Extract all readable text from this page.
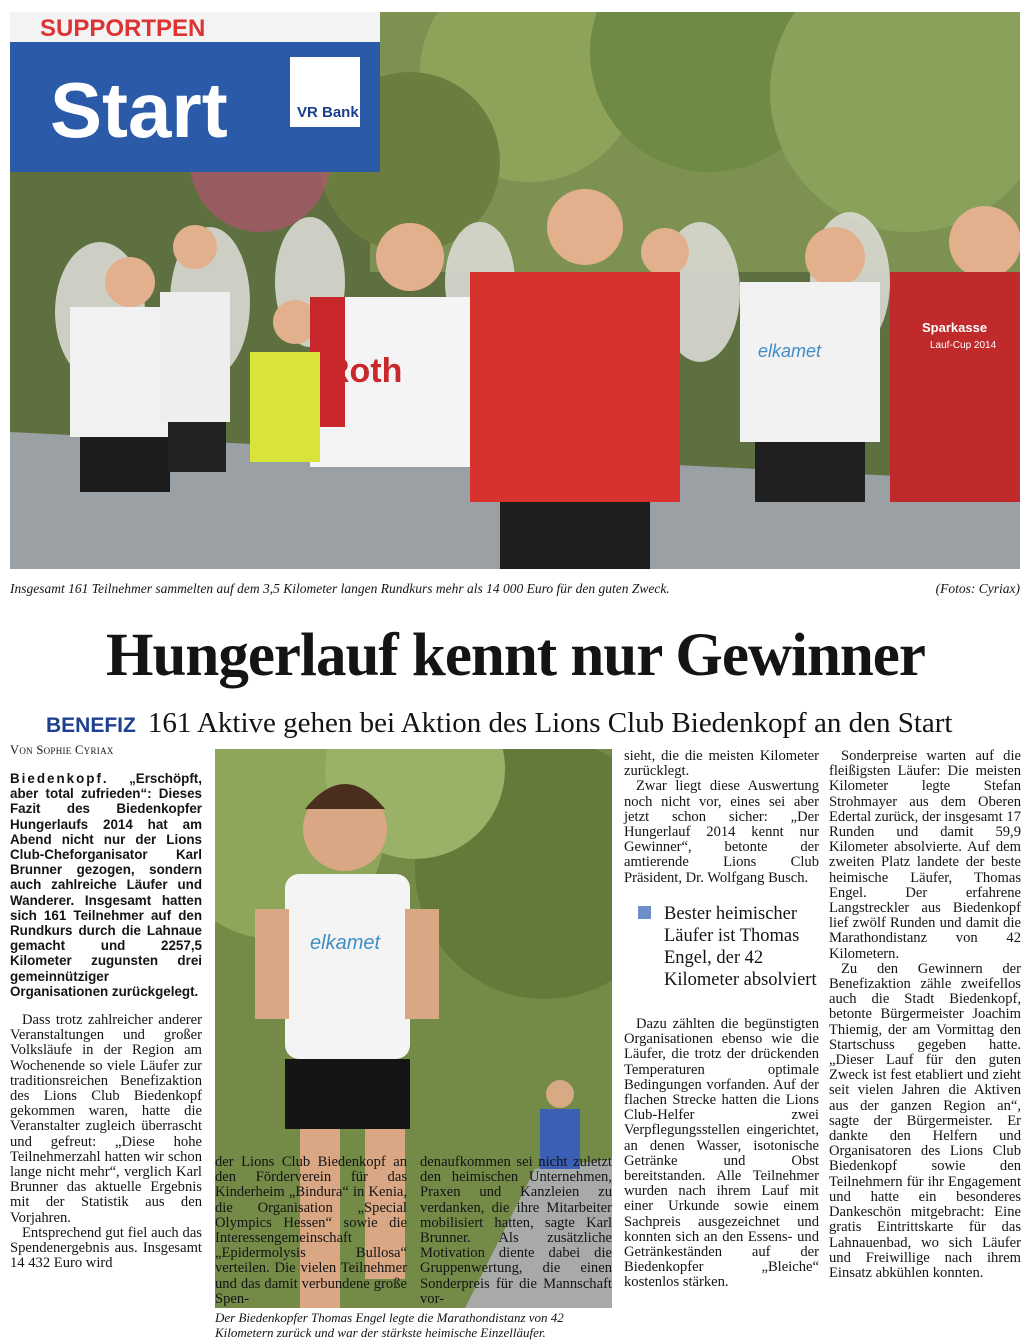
SUPPORTPEN
Start	VR Bank
Roth
elkamet
Sparkasse
Lauf-Cup 2014
Insgesamt 161 Teilnehmer sammelten auf dem 3,5 Kilometer langen Rundkurs mehr als 14 000 Euro für den guten Zweck.	(Fotos: Cyriax)
Hungerlauf kennt nur Gewinner
BENEFIZ 161 Aktive gehen bei Aktion des Lions Club Biedenkopf an den Start
Von Sophie Cyriax

Biedenkopf. „Erschöpft, aber total zufrieden“: Dieses Fazit des Biedenkopfer Hungerlaufs 2014 hat am Abend nicht nur der Lions Club-Cheforganisator Karl Brunner gezogen, sondern auch zahlreiche Läufer und Wanderer. Insgesamt hatten sich 161 Teilnehmer auf den Rundkurs durch die Lahnaue gemacht und 2257,5 Kilometer zugunsten drei gemeinnütziger Organisationen zurückgelegt.

Dass trotz zahlreicher anderer Veranstaltungen und großer Volksläufe in der Region am Wochenende so viele Läufer zur traditionsreichen Benefizaktion des Lions Club Biedenkopf gekommen waren, hatte die Veranstalter zugleich überrascht und gefreut: „Diese hohe Teilnehmerzahl hatten wir schon lange nicht mehr“, verglich Karl Brunner das aktuelle Ergebnis mit der Statistik aus den Vorjahren.

Entsprechend gut fiel auch das Spendenergebnis aus. Insgesamt 14 432 Euro wird

elkamet
Der Biedenkopfer Thomas Engel legte die Marathondistanz von 42 Kilometern zurück und war der stärkste heimische Einzelläufer.

der Lions Club Biedenkopf an den Förderverein für das Kinderheim „Bindura“ in Kenia, die Organisation „Special Olympics Hessen“ sowie die Interessengemeinschaft „Epidermolysis Bullosa“ verteilen. Die vielen Teilnehmer und das damit verbundene große Spen-

denaufkommen sei nicht zuletzt den heimischen Unternehmen, Praxen und Kanzleien zu verdanken, die ihre Mitarbeiter mobilisiert hatten, sagte Karl Brunner. Als zusätzliche Motivation diente dabei die Gruppenwertung, die einen Sonderpreis für die Mannschaft vor-

sieht, die die meisten Kilometer zurücklegt.

Zwar liegt diese Auswertung noch nicht vor, eines sei aber jetzt schon sicher: „Der Hungerlauf 2014 kennt nur Gewinner“, betonte der amtierende Lions Club Präsident, Dr. Wolfgang Busch.

Bester heimischer Läufer ist Thomas Engel, der 42 Kilometer absolviert

Dazu zählten die begünstigten Organisationen ebenso wie die Läufer, die trotz der drückenden Temperaturen optimale Bedingungen vorfanden. Auf der flachen Strecke hatten die Lions Club-Helfer zwei Verpflegungsstellen eingerichtet, an denen Wasser, isotonische Getränke und Obst bereitstanden. Alle Teilnehmer wurden nach ihrem Lauf mit einer Urkunde sowie einem Sachpreis ausgezeichnet und konnten sich an den Essens- und Getränkeständen auf der Biedenkopfer „Bleiche“ kostenlos stärken.

Sonderpreise warten auf die fleißigsten Läufer: Die meisten Kilometer legte Stefan Strohmayer aus dem Oberen Edertal zurück, der insgesamt 17 Runden und damit 59,9 Kilometer absolvierte. Auf dem zweiten Platz landete der beste heimische Läufer, Thomas Engel. Der erfahrene Langstreckler aus Biedenkopf lief zwölf Runden und damit die Marathondistanz von 42 Kilometern.

Zu den Gewinnern der Benefizaktion zähle zweifellos auch die Stadt Biedenkopf, betonte Bürgermeister Joachim Thiemig, der am Vormittag den Startschuss gegeben hatte. „Dieser Lauf für den guten Zweck ist fest etabliert und zieht seit vielen Jahren die Aktiven aus der ganzen Region an“, sagte der Bürgermeister. Er dankte den Helfern und Organisatoren des Lions Club Biedenkopf sowie den Teilnehmern für ihr Engagement und hatte ein besonderes Dankeschön mitgebracht: Eine gratis Eintrittskarte für das Lahnauenbad, wo sich Läufer und Freiwillige nach ihrem Einsatz abkühlen konnten.
